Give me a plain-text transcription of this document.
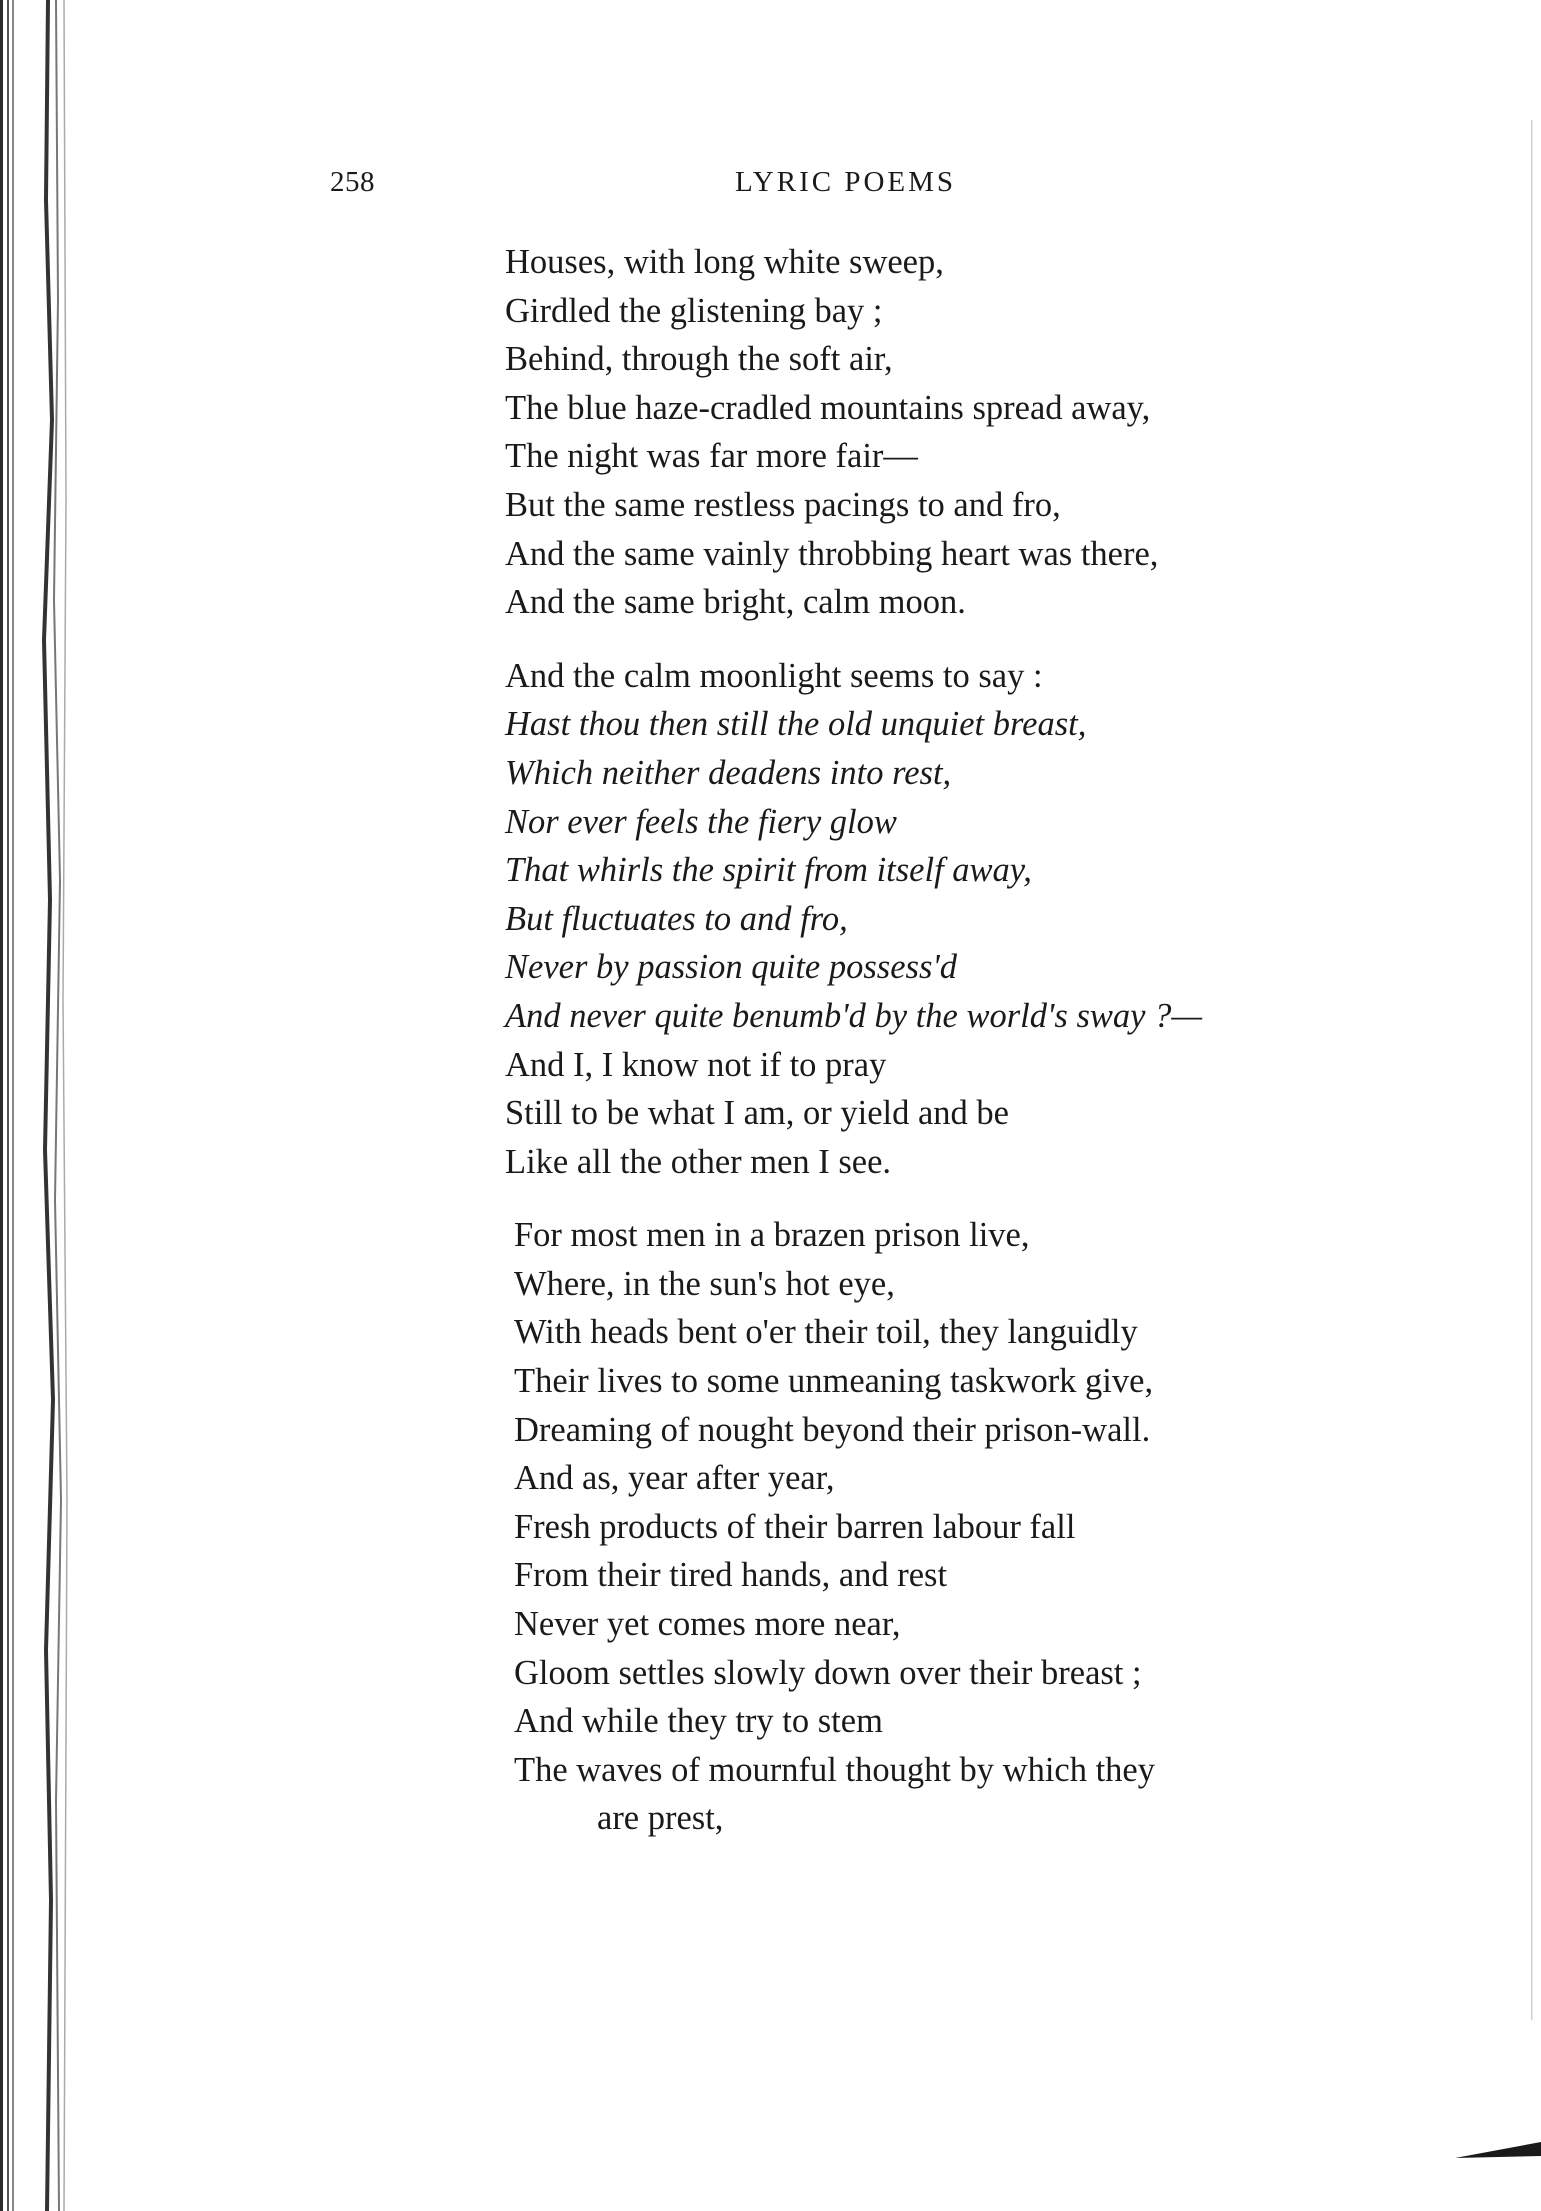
258	LYRIC POEMS
Houses, with long white sweep,
Girdled the glistening bay ;
Behind, through the soft air,
The blue haze-cradled mountains spread away,
The night was far more fair—
But the same restless pacings to and fro,
And the same vainly throbbing heart was there,
And the same bright, calm moon.
And the calm moonlight seems to say :
Hast thou then still the old unquiet breast,
Which neither deadens into rest,
Nor ever feels the fiery glow
That whirls the spirit from itself away,
But fluctuates to and fro,
Never by passion quite possess'd
And never quite benumb'd by the world's sway ?—
And I, I know not if to pray
Still to be what I am, or yield and be
Like all the other men I see.
For most men in a brazen prison live,
Where, in the sun's hot eye,
With heads bent o'er their toil, they languidly
Their lives to some unmeaning taskwork give,
Dreaming of nought beyond their prison-wall.
And as, year after year,
Fresh products of their barren labour fall
From their tired hands, and rest
Never yet comes more near,
Gloom settles slowly down over their breast ;
And while they try to stem
The waves of mournful thought by which they
are prest,
